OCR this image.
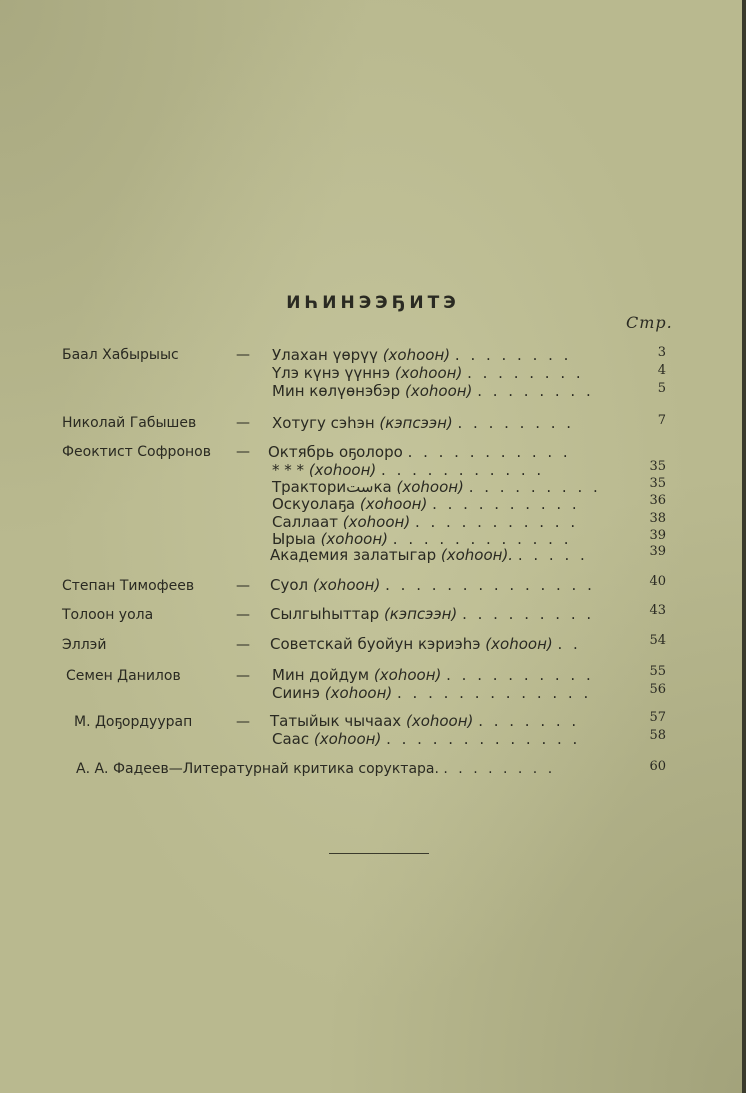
ИҺИНЭЭҔИТЭ
Стр.
Баал Хабырыыс	— Улахан үөрүү (хоһоон) . . . . . . . .	3
Үлэ күнэ үүннэ (хоһоон) . . . . . . . .	4
Мин көлүөнэбэр (хоһоон) . . . . . . . .	5
Николай Габышев	— Хотугу сэһэн (кэпсээн) . . . . . . . .	7
Феоктист Софронов — Октябрь оҕолоро . . . . . . . . . . .
* * * (хоһоон) . . . . . . . . . . .	35
Тракториستка (хоһоон) . . . . . . . . .	35
Оскуолаҕа (хоһоон) . . . . . . . . . .	36
Саллаат (хоһоон) . . . . . . . . . . .	38
Ырыа (хоһоон) . . . . . . . . . . . .	39
Академия залатыгар (хоһоон). . . . . .	39
Степан Тимофеев	— Суол (хоһоон) . . . . . . . . . . . . . .	40
Толоон уола	— Сылгыһыттар (кэпсээн) . . . . . . . . .	43
Эллэй	— Советскай буойун кэриэһэ (хоһоон) . .	54
Семен Данилов	— Мин дойдум (хоһоон) . . . . . . . . . .	55
Сиинэ (хоһоон) . . . . . . . . . . . . .	56
М. Доҕордуурап	— Татыйык чычаах (хоһоон) . . . . . . .	57
Саас (хоһоон) . . . . . . . . . . . . .	58
А. А. Фадеев—Литературнай критика соруктара. . . . . . . . .	60
